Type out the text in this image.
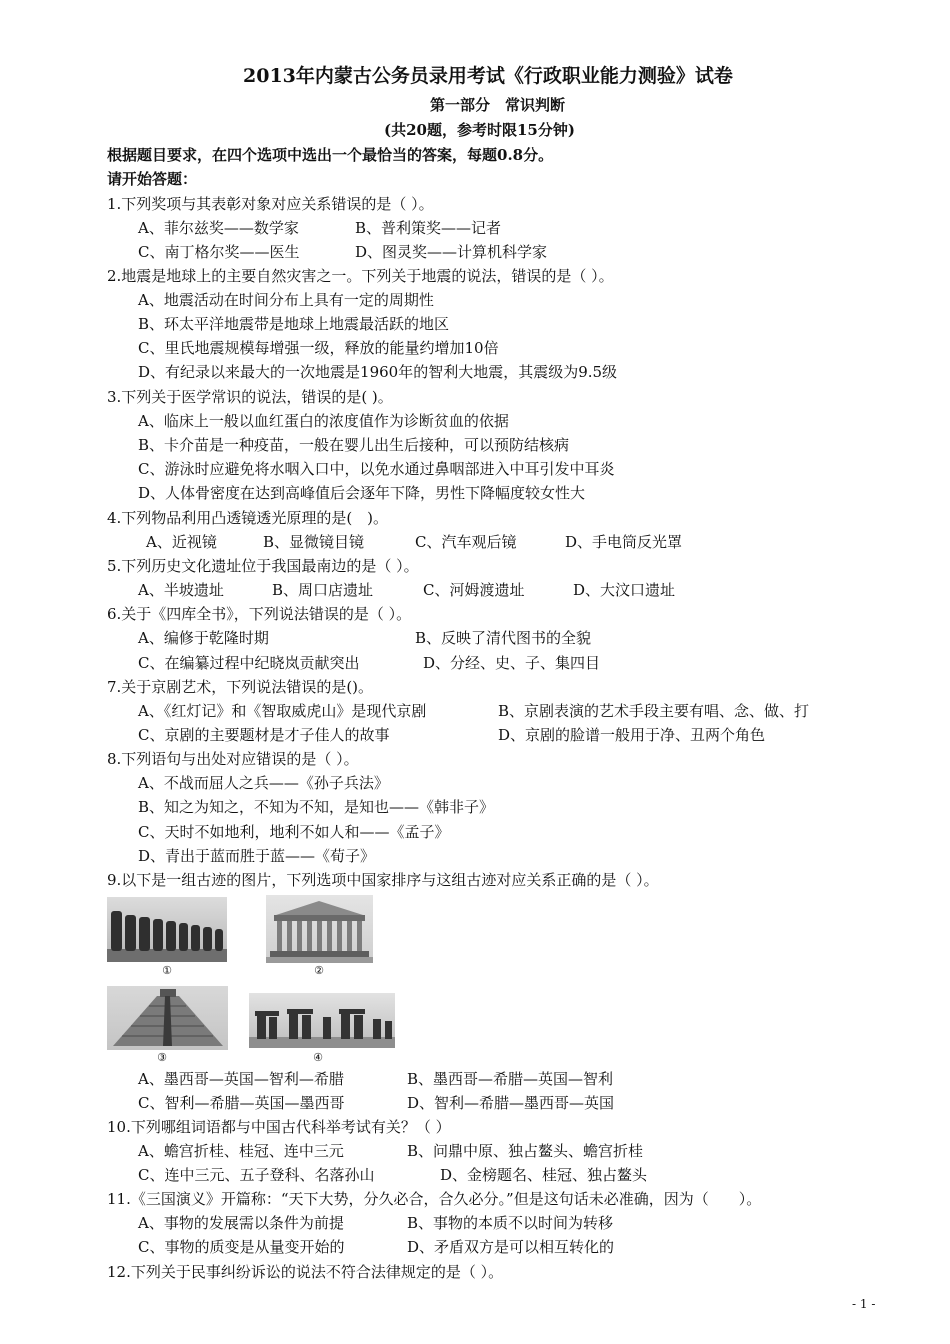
2013年内蒙古公务员录用考试《行政职业能力测验》试卷
第一部分　常识判断
(共20题，参考时限15分钟)
根据题目要求，在四个选项中选出一个最恰当的答案，每题0.8分。
请开始答题：
1.下列奖项与其表彰对象对应关系错误的是（ ）。
A、菲尔兹奖——数学家	B、普利策奖——记者
C、南丁格尔奖——医生	D、图灵奖——计算机科学家
2.地震是地球上的主要自然灾害之一。下列关于地震的说法，错误的是（ ）。
A、地震活动在时间分布上具有一定的周期性
B、环太平洋地震带是地球上地震最活跃的地区
C、里氏地震规模每增强一级，释放的能量约增加10倍
D、有纪录以来最大的一次地震是1960年的智利大地震，其震级为9.5级
3.下列关于医学常识的说法，错误的是( )。
A、临床上一般以血红蛋白的浓度值作为诊断贫血的依据
B、卡介苗是一种疫苗，一般在婴儿出生后接种，可以预防结核病
C、游泳时应避免将水咽入口中，以免水通过鼻咽部进入中耳引发中耳炎
D、人体骨密度在达到高峰值后会逐年下降，男性下降幅度较女性大
4.下列物品利用凸透镜透光原理的是(　)。
A、近视镜	B、显微镜目镜	C、汽车观后镜	D、手电筒反光罩
5.下列历史文化遗址位于我国最南边的是（ ）。
A、半坡遗址	B、周口店遗址	C、河姆渡遗址	D、大汶口遗址
6.关于《四库全书》，下列说法错误的是（ ）。
A、编修于乾隆时期	B、反映了清代图书的全貌
C、在编纂过程中纪晓岚贡献突出	D、分经、史、子、集四目
7.关于京剧艺术，下列说法错误的是()。
A、《红灯记》和《智取威虎山》是现代京剧	B、京剧表演的艺术手段主要有唱、念、做、打
C、京剧的主要题材是才子佳人的故事	D、京剧的脸谱一般用于净、丑两个角色
8.下列语句与出处对应错误的是（ ）。
A、不战而屈人之兵——《孙子兵法》
B、知之为知之，不知为不知，是知也——《韩非子》
C、天时不如地利，地利不如人和——《孟子》
D、青出于蓝而胜于蓝——《荀子》
9.以下是一组古迹的图片，下列选项中国家排序与这组古迹对应关系正确的是（ ）。
①	②
③	④
A、墨西哥—英国—智利—希腊	B、墨西哥—希腊—英国—智利
C、智利—希腊—英国—墨西哥	D、智利—希腊—墨西哥—英国
10.下列哪组词语都与中国古代科举考试有关？（ ）
A、蟾宫折桂、桂冠、连中三元	B、问鼎中原、独占鳌头、蟾宫折桂
C、连中三元、五子登科、名落孙山	D、金榜题名、桂冠、独占鳌头
11.《三国演义》开篇称：“天下大势，分久必合，合久必分。”但是这句话未必准确，因为（　　）。
A、事物的发展需以条件为前提	B、事物的本质不以时间为转移
C、事物的质变是从量变开始的	D、矛盾双方是可以相互转化的
12.下列关于民事纠纷诉讼的说法不符合法律规定的是（ ）。
- 1 -
